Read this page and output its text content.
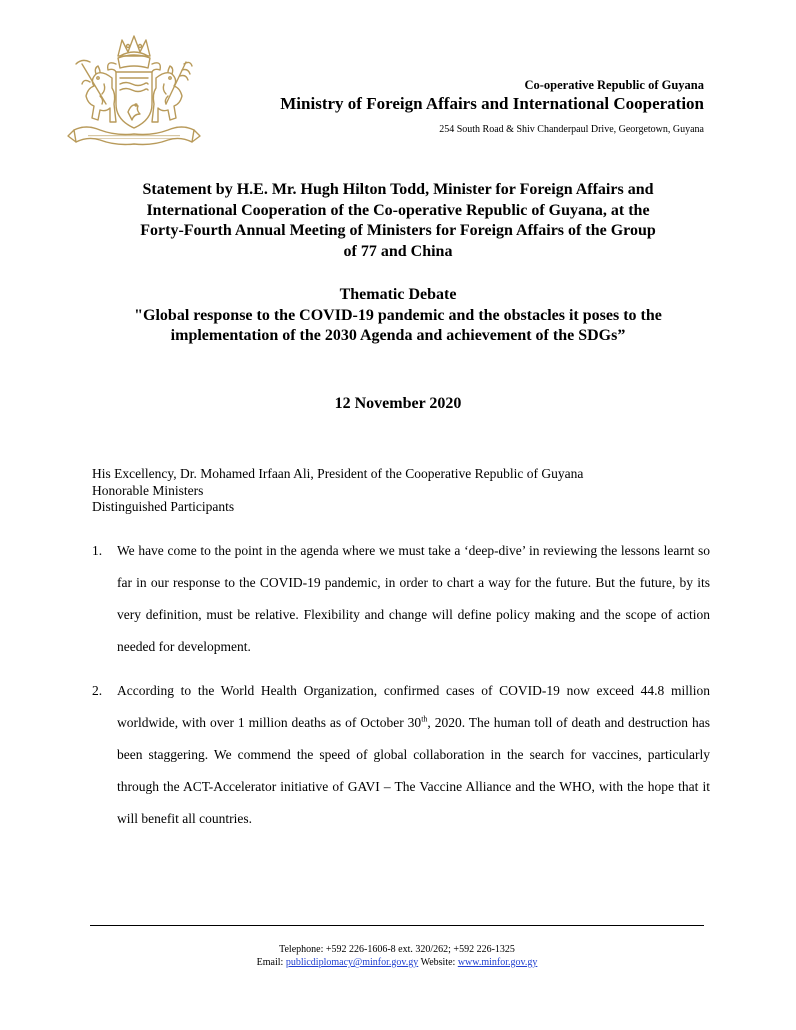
Co-operative Republic of Guyana
Ministry of Foreign Affairs and International Cooperation
254 South Road & Shiv Chanderpaul Drive, Georgetown, Guyana

Statement by H.E. Mr. Hugh Hilton Todd, Minister for Foreign Affairs and

International Cooperation of the Co-operative Republic of Guyana, at the

Forty-Fourth Annual Meeting of Ministers for Foreign Affairs of the Group

of 77 and China

Thematic Debate

"Global response to the COVID-19 pandemic and the obstacles it poses to the

implementation of the 2030 Agenda and achievement of the SDGs”

12 November 2020
His Excellency, Dr. Mohamed Irfaan Ali, President of the Cooperative Republic of Guyana
Honorable Ministers
Distinguished Participants
1. We have come to the point in the agenda where we must take a ‘deep-dive’ in reviewing the lessons learnt so far in our response to the COVID-19 pandemic, in order to chart a way for the future. But the future, by its very definition, must be relative. Flexibility and change will define policy making and the scope of action needed for development.
2. According to the World Health Organization, confirmed cases of COVID-19 now exceed 44.8 million worldwide, with over 1 million deaths as of October 30th, 2020. The human toll of death and destruction has been staggering. We commend the speed of global collaboration in the search for vaccines, particularly through the ACT-Accelerator initiative of GAVI – The Vaccine Alliance and the WHO, with the hope that it will benefit all countries.
Telephone: +592 226-1606-8 ext. 320/262; +592 226-1325
Email: publicdiplomacy@minfor.gov.gy Website: www.minfor.gov.gy
